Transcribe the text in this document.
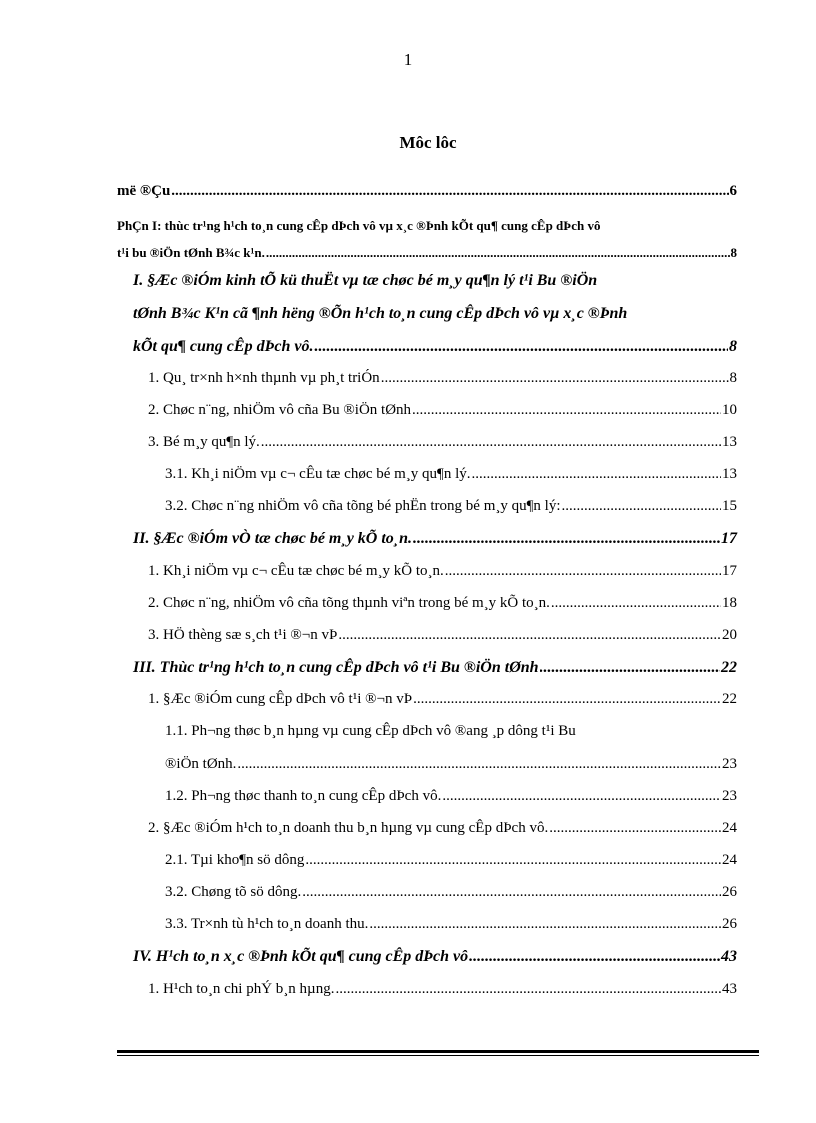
1
Môc lôc
më ®Çu .....	6
PhÇn I: thùc tr¹ng h¹ch to¸n cung cÊp dÞch vô vµ x¸c ®Þnh kÕt qu¶ cung cÊp dÞch vô
t¹i bu ®iÖn tØnh B¾c k¹n. .....	8
I. §Æc ®iÓm kinh tÕ kü thuËt vµ tæ chøc bé m¸y qu¶n lý t¹i Bu ®iÖn
tØnh B¾c K¹n cã ¶nh hëng ®Õn h¹ch to¸n cung cÊp dÞch vô vµ x¸c ®Þnh
kÕt qu¶ cung cÊp dÞch vô. .....	8
1. Qu¸ tr×nh h×nh thµnh vµ ph¸t triÓn .....	8
2. Chøc n¨ng, nhiÖm vô cña Bu ®iÖn tØnh .....	10
3. Bé m¸y qu¶n lý. .....	13
3.1. Kh¸i niÖm vµ c¬ cÊu tæ chøc bé m¸y qu¶n lý. .....	13
3.2. Chøc n¨ng nhiÖm vô cña tõng bé phËn trong bé m¸y qu¶n lý: .....	15
II. §Æc ®iÓm vÒ tæ chøc bé m¸y kÕ to¸n. .....	17
1. Kh¸i niÖm vµ c¬ cÊu tæ chøc bé m¸y kÕ to¸n. .....	17
2. Chøc n¨ng, nhiÖm vô cña tõng thµnh viªn trong bé m¸y kÕ to¸n. .....	18
3. HÖ thèng sæ s¸ch t¹i ®¬n vÞ .....	20
III. Thùc tr¹ng h¹ch to¸n cung cÊp dÞch vô t¹i Bu ®iÖn tØnh .....	22
1. §Æc ®iÓm cung cÊp dÞch vô t¹i ®¬n vÞ .....	22
1.1. Ph¬ng thøc b¸n hµng vµ cung cÊp dÞch vô ®ang ¸p dông t¹i Bu
®iÖn tØnh. .....	23
1.2. Ph¬ng thøc thanh to¸n cung cÊp dÞch vô. .....	23
2. §Æc ®iÓm h¹ch to¸n doanh thu b¸n hµng vµ cung cÊp dÞch vô. .....	24
2.1. Tµi kho¶n sö dông .....	24
3.2. Chøng tõ sö dông. .....	26
3.3. Tr×nh tù h¹ch to¸n doanh thu. .....	26
IV. H¹ch to¸n x¸c ®Þnh kÕt qu¶ cung cÊp dÞch vô .....	43
1. H¹ch to¸n chi phÝ b¸n hµng. .....	43
